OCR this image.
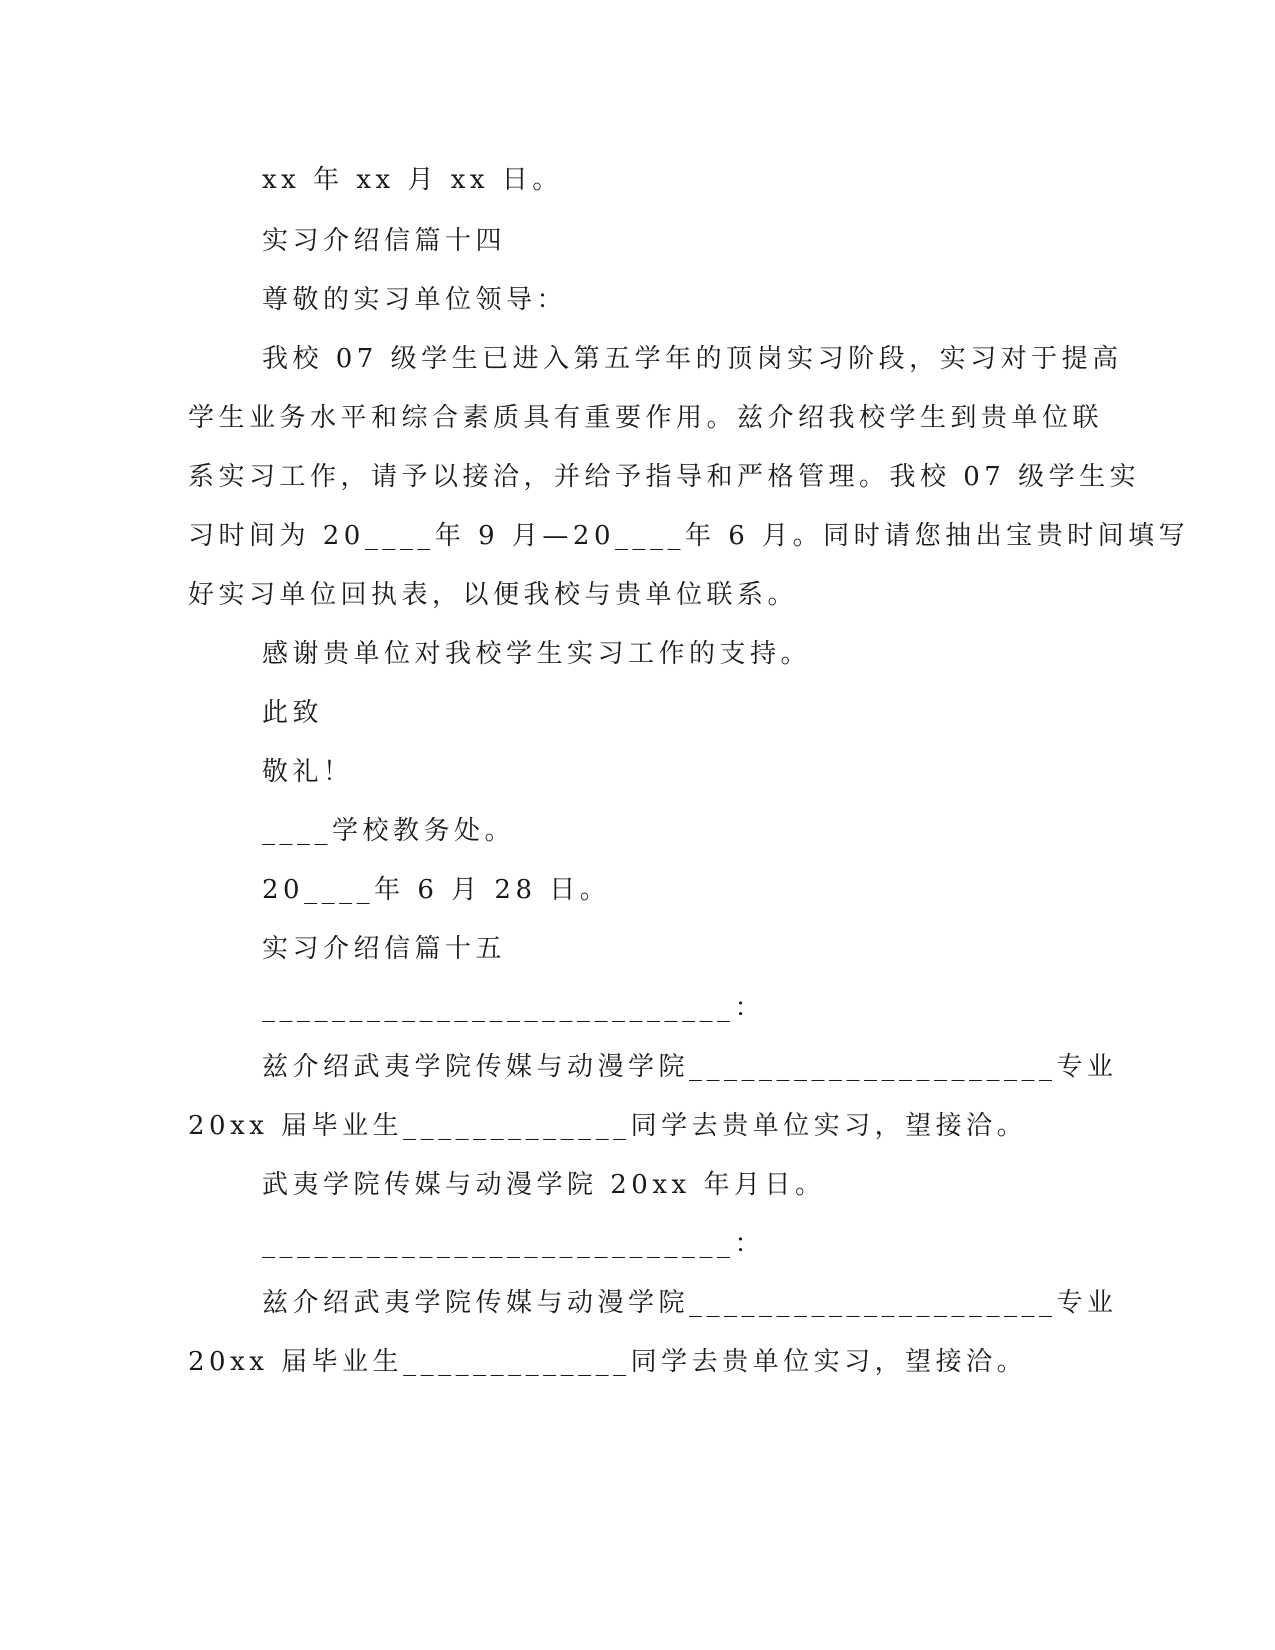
xx 年 xx 月 xx 日。
实习介绍信篇十四
尊敬的实习单位领导：
我校 07 级学生已进入第五学年的顶岗实习阶段，实习对于提高
学生业务水平和综合素质具有重要作用。兹介绍我校学生到贵单位联
系实习工作，请予以接洽，并给予指导和严格管理。我校 07 级学生实
习时间为 20____年 9 月—20____年 6 月。同时请您抽出宝贵时间填写
好实习单位回执表，以便我校与贵单位联系。
感谢贵单位对我校学生实习工作的支持。
此致
敬礼！
____学校教务处。
20____年 6 月 28 日。
实习介绍信篇十五
___________________________：
兹介绍武夷学院传媒与动漫学院_____________________专业
20xx 届毕业生_____________同学去贵单位实习，望接洽。
武夷学院传媒与动漫学院 20xx 年月日。
___________________________：
兹介绍武夷学院传媒与动漫学院_____________________专业
20xx 届毕业生_____________同学去贵单位实习，望接洽。
